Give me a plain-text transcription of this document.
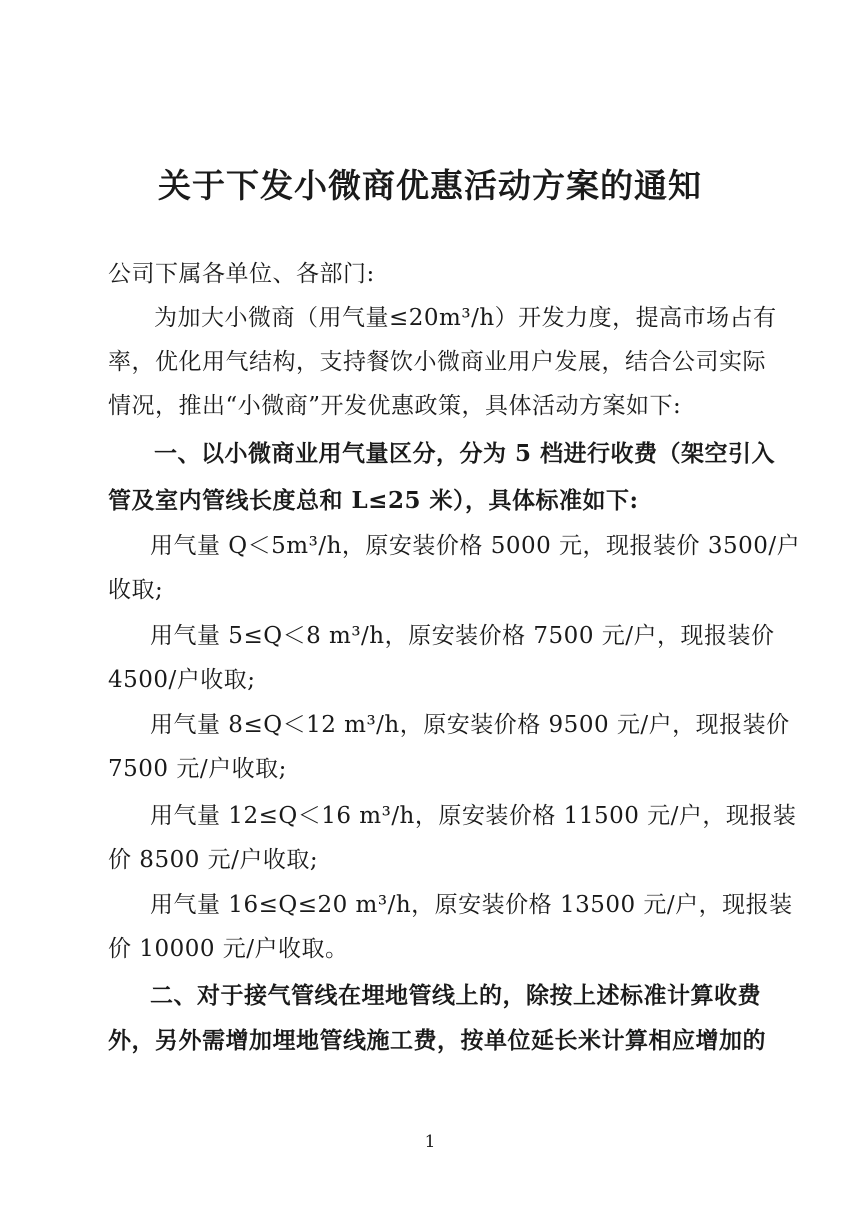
关于下发小微商优惠活动方案的通知
公司下属各单位、各部门:
为加大小微商（用气量≤20m³/h）开发力度，提高市场占有
率，优化用气结构，支持餐饮小微商业用户发展，结合公司实际
情况，推出“小微商”开发优惠政策，具体活动方案如下:
一、以小微商业用气量区分，分为 5 档进行收费（架空引入
管及室内管线长度总和 L≤25 米），具体标准如下:
用气量 Q＜5m³/h，原安装价格 5000 元，现报装价 3500/户
收取;
用气量 5≤Q＜8 m³/h，原安装价格 7500 元/户，现报装价
4500/户收取;
用气量 8≤Q＜12 m³/h，原安装价格 9500 元/户，现报装价
7500 元/户收取;
用气量 12≤Q＜16 m³/h，原安装价格 11500 元/户，现报装
价 8500 元/户收取;
用气量 16≤Q≤20 m³/h，原安装价格 13500 元/户，现报装
价 10000 元/户收取。
二、对于接气管线在埋地管线上的，除按上述标准计算收费
外，另外需增加埋地管线施工费，按单位延长米计算相应增加的
1
